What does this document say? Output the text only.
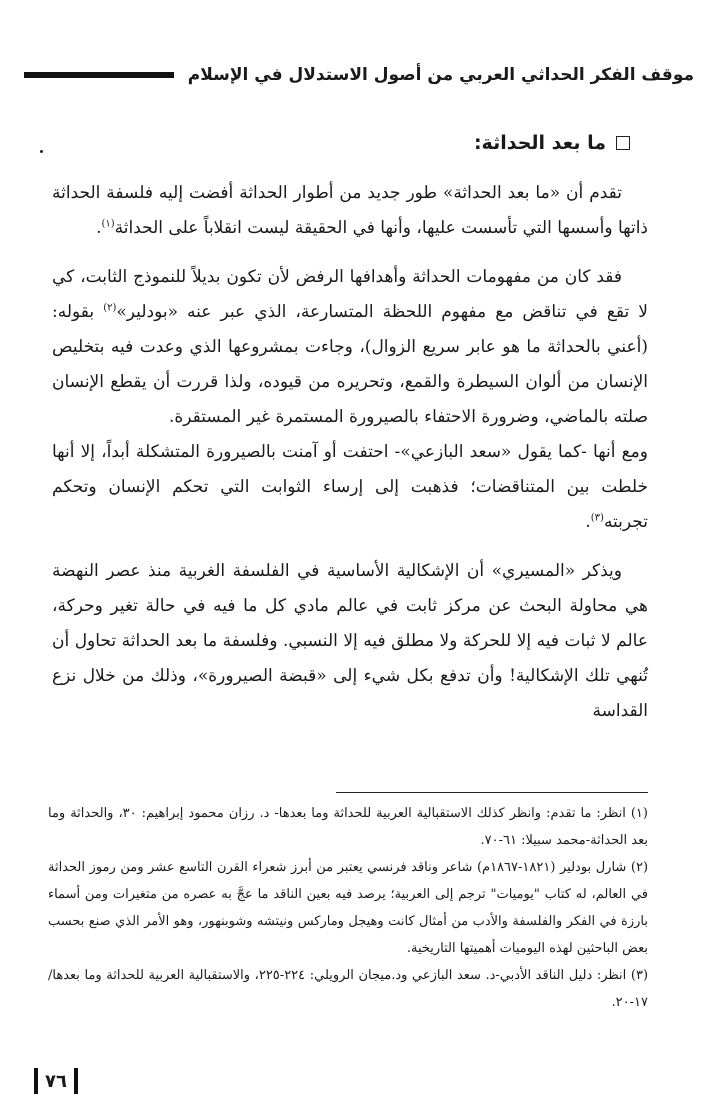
موقف الفكر الحداثي العربي من أصول الاستدلال في الإسلام
ما بعد الحداثة:

تقدم أن «ما بعد الحداثة» طور جديد من أطوار الحداثة أفضت إليه فلسفة الحداثة ذاتها وأسسها التي تأسست عليها، وأنها في الحقيقة ليست انقلاباً على الحداثة$^{(١)}$.

فقد كان من مفهومات الحداثة وأهدافها الرفض لأن تكون بديلاً للنموذج الثابت، كي لا تقع في تناقض مع مفهوم اللحظة المتسارعة، الذي عبر عنه «بودلير»$^{(٢)}$ بقوله: (أعني بالحداثة ما هو عابر سريع الزوال)، وجاءت بمشروعها الذي وعدت فيه بتخليص الإنسان من ألوان السيطرة والقمع، وتحريره من قيوده، ولذا قررت أن يقطع الإنسان صلته بالماضي، وضرورة الاحتفاء بالصيرورة المستمرة غير المستقرة.

ومع أنها -كما يقول «سعد البازعي»- احتفت أو آمنت بالصيرورة المتشكلة أبداً، إلا أنها خلطت بين المتناقضات؛ فذهبت إلى إرساء الثوابت التي تحكم الإنسان وتحكم تجربته$^{(٣)}$.

ويذكر «المسيري» أن الإشكالية الأساسية في الفلسفة الغربية منذ عصر النهضة هي محاولة البحث عن مركز ثابت في عالم مادي كل ما فيه في حالة تغير وحركة، عالم لا ثبات فيه إلا للحركة ولا مطلق فيه إلا النسبي. وفلسفة ما بعد الحداثة تحاول أن تُنهي تلك الإشكالية! وأن تدفع بكل شيء إلى «قبضة الصيرورة»، وذلك من خلال نزع القداسة

(١) انظر: ما تقدم: وانظر كذلك الاستقبالية العربية للحداثة وما بعدها- د. رزان محمود إبراهيم: ٣٠، والحداثة وما بعد الحداثة-محمد سبيلا: ٦١-٧٠.

(٢) شارل بودلير (١٨٢١-١٨٦٧م) شاعر وناقد فرنسي يعتبر من أبرز شعراء القرن التاسع عشر ومن رموز الحداثة في العالم، له كتاب "يوميات" ترجم إلى العربية؛ يرصد فيه بعين الناقد ما عجَّ به عصره من متغيرات ومن أسماء بارزة في الفكر والفلسفة والأدب من أمثال كانت وهيجل وماركس ونيتشه وشوبنهور، وهو الأمر الذي صنع بحسب بعض الباحثين لهذه اليوميات أهميتها التاريخية.

(٣) انظر: دليل الناقد الأدبي-د. سعد البازعي ود.ميجان الرويلي: ٢٢٤-٢٢٥، والاستقبالية العربية للحداثة وما بعدها/ ١٧-٢٠.

٧٦
